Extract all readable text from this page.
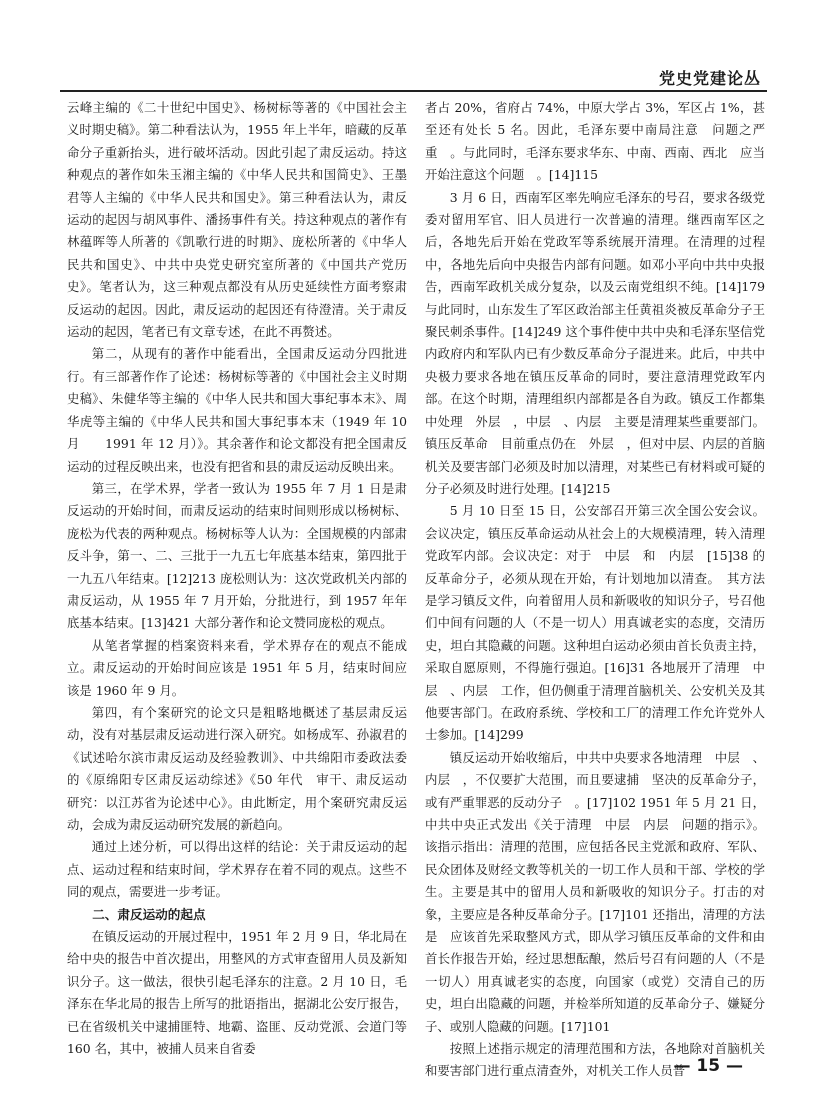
党史党建论丛

云峰主编的《二十世纪中国史》、杨树标等著的《中国社会主义时期史稿》。第二种看法认为，1955 年上半年，暗藏的反革命分子重新抬头，进行破坏活动。因此引起了肃反运动。持这种观点的著作如朱玉湘主编的《中华人民共和国简史》、王墨君等人主编的《中华人民共和国史》。第三种看法认为，肃反运动的起因与胡风事件、潘扬事件有关。持这种观点的著作有林蕴晖等人所著的《凯歌行进的时期》、庞松所著的《中华人民共和国史》、中共中央党史研究室所著的《中国共产党历史》。笔者认为，这三种观点都没有从历史延续性方面考察肃反运动的起因。因此，肃反运动的起因还有待澄清。关于肃反运动的起因，笔者已有文章专述，在此不再赘述。

第二，从现有的著作中能看出，全国肃反运动分四批进行。有三部著作作了论述：杨树标等著的《中国社会主义时期史稿》、朱健华等主编的《中华人民共和国大事纪事本末》、周华虎等主编的《中华人民共和国大事纪事本末（1949 年 10 月　　1991 年 12 月）》。其余著作和论文都没有把全国肃反运动的过程反映出来，也没有把省和县的肃反运动反映出来。

第三，在学术界，学者一致认为 1955 年 7 月 1 日是肃反运动的开始时间，而肃反运动的结束时间则形成以杨树标、庞松为代表的两种观点。杨树标等人认为：全国规模的内部肃反斗争，第一、二、三批于一九五七年底基本结束，第四批于一九五八年结束。[12]213 庞松则认为：这次党政机关内部的肃反运动，从 1955 年 7 月开始，分批进行，到 1957 年年底基本结束。[13]421 大部分著作和论文赞同庞松的观点。

从笔者掌握的档案资料来看，学术界存在的观点不能成立。肃反运动的开始时间应该是 1951 年 5 月，结束时间应该是 1960 年 9 月。

第四，有个案研究的论文只是粗略地概述了基层肃反运动，没有对基层肃反运动进行深入研究。如杨成军、孙淑君的《试述哈尔滨市肃反运动及经验教训》、中共绵阳市委政法委的《原绵阳专区肃反运动综述》《50 年代　审干、肃反运动　研究：以江苏省为论述中心》。由此断定，用个案研究肃反运动，会成为肃反运动研究发展的新趋向。

通过上述分析，可以得出这样的结论：关于肃反运动的起点、运动过程和结束时间，学术界存在着不同的观点。这些不同的观点，需要进一步考证。

二、肃反运动的起点

在镇反运动的开展过程中，1951 年 2 月 9 日，华北局在给中央的报告中首次提出，用整风的方式审查留用人员及新知识分子。这一做法，很快引起毛泽东的注意。2 月 10 日，毛泽东在华北局的报告上所写的批语指出，据湖北公安厅报告，已在省级机关中逮捕匪特、地霸、盗匪、反动党派、会道门等 160 名，其中，被捕人员来自省委

者占 20%，省府占 74%，中原大学占 3%，军区占 1%，甚至还有处长 5 名。因此，毛泽东要中南局注意　问题之严重　。与此同时，毛泽东要求华东、中南、西南、西北　应当开始注意这个问题　。[14]115

3 月 6 日，西南军区率先响应毛泽东的号召，要求各级党委对留用军官、旧人员进行一次普遍的清理。继西南军区之后，各地先后开始在党政军等系统展开清理。在清理的过程中，各地先后向中央报告内部有问题。如邓小平向中共中央报告，西南军政机关成分复杂，以及云南党组织不纯。[14]179 与此同时，山东发生了军区政治部主任黄祖炎被反革命分子王聚民刺杀事件。[14]249 这个事件使中共中央和毛泽东坚信党内政府内和军队内已有少数反革命分子混进来。此后，中共中央极力要求各地在镇压反革命的同时，要注意清理党政军内部。在这个时期，清理组织内部都是各自为政。镇反工作都集中处理　外层　，中层　、内层　主要是清理某些重要部门。镇压反革命　目前重点仍在　外层　，但对中层、内层的首脑机关及要害部门必须及时加以清理，对某些已有材料或可疑的分子必须及时进行处理。[14]215

5 月 10 日至 15 日，公安部召开第三次全国公安会议。会议决定，镇压反革命运动从社会上的大规模清理，转入清理党政军内部。会议决定：对于　中层　和　内层　[15]38 的反革命分子，必须从现在开始，有计划地加以清查。　其方法是学习镇反文件，向着留用人员和新吸收的知识分子，号召他们中间有问题的人（不是一切人）用真诚老实的态度，交清历史，坦白其隐藏的问题。这种坦白运动必须由首长负责主持，采取自愿原则，不得施行强迫。[16]31 各地展开了清理　中层　、内层　工作，但仍侧重于清理首脑机关、公安机关及其他要害部门。在政府系统、学校和工厂的清理工作允许党外人士参加。[14]299

镇反运动开始收缩后，中共中央要求各地清理　中层　、内层　，不仅要扩大范围，而且要逮捕　坚决的反革命分子，或有严重罪恶的反动分子　。[17]102 1951 年 5 月 21 日，中共中央正式发出《关于清理　中层　内层　问题的指示》。该指示指出：清理的范围，应包括各民主党派和政府、军队、民众团体及财经文教等机关的一切工作人员和干部、学校的学生。主要是其中的留用人员和新吸收的知识分子。打击的对象，主要应是各种反革命分子。[17]101 还指出，清理的方法是　应该首先采取整风方式，即从学习镇压反革命的文件和由首长作报告开始，经过思想酝酿，然后号召有问题的人（不是一切人）用真诚老实的态度，向国家（或党）交清自己的历史，坦白出隐藏的问题，并检举所知道的反革命分子、嫌疑分子、或别人隐藏的问题。[17]101

按照上述指示规定的清理范围和方法，各地除对首脑机关和要害部门进行重点清查外，对机关工作人员普

— 15 —
